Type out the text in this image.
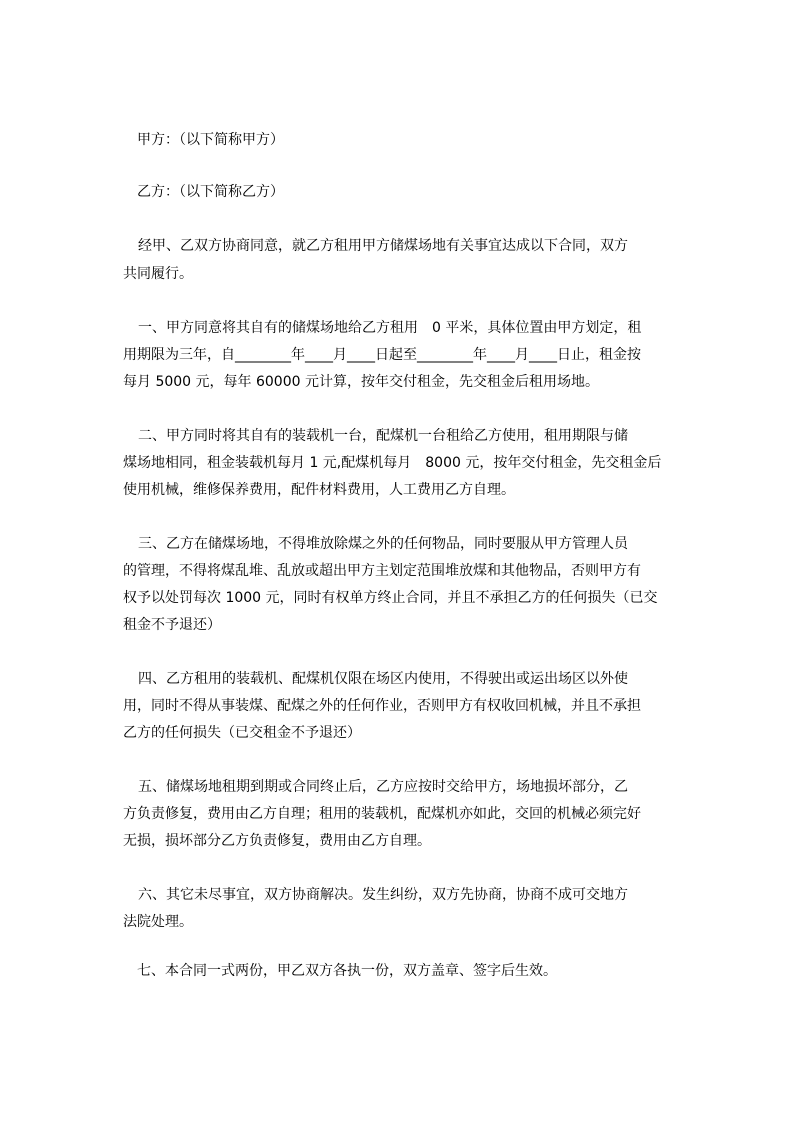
甲方：（以下简称甲方）
乙方：（以下简称乙方）
经甲、乙双方协商同意，就乙方租用甲方储煤场地有关事宜达成以下合同，双方
共同履行。
一、甲方同意将其自有的储煤场地给乙方租用　0 平米，具体位置由甲方划定，租
用期限为三年，自________年____月____日起至________年____月____日止，租金按
每月 5000 元，每年 60000 元计算，按年交付租金，先交租金后租用场地。
二、甲方同时将其自有的装载机一台，配煤机一台租给乙方使用，租用期限与储
煤场地相同，租金装载机每月 1 元,配煤机每月　8000 元，按年交付租金，先交租金后
使用机械，维修保养费用，配件材料费用，人工费用乙方自理。
三、乙方在储煤场地，不得堆放除煤之外的任何物品，同时要服从甲方管理人员
的管理，不得将煤乱堆、乱放或超出甲方主划定范围堆放煤和其他物品，否则甲方有
权予以处罚每次 1000 元，同时有权单方终止合同，并且不承担乙方的任何损失（已交
租金不予退还）
四、乙方租用的装载机、配煤机仅限在场区内使用，不得驶出或运出场区以外使
用，同时不得从事装煤、配煤之外的任何作业，否则甲方有权收回机械，并且不承担
乙方的任何损失（已交租金不予退还）
五、储煤场地租期到期或合同终止后，乙方应按时交给甲方，场地损坏部分，乙
方负责修复，费用由乙方自理；租用的装载机，配煤机亦如此，交回的机械必须完好
无损，损坏部分乙方负责修复，费用由乙方自理。
六、其它未尽事宜，双方协商解决。发生纠纷，双方先协商，协商不成可交地方
法院处理。
七、本合同一式两份，甲乙双方各执一份，双方盖章、签字后生效。
